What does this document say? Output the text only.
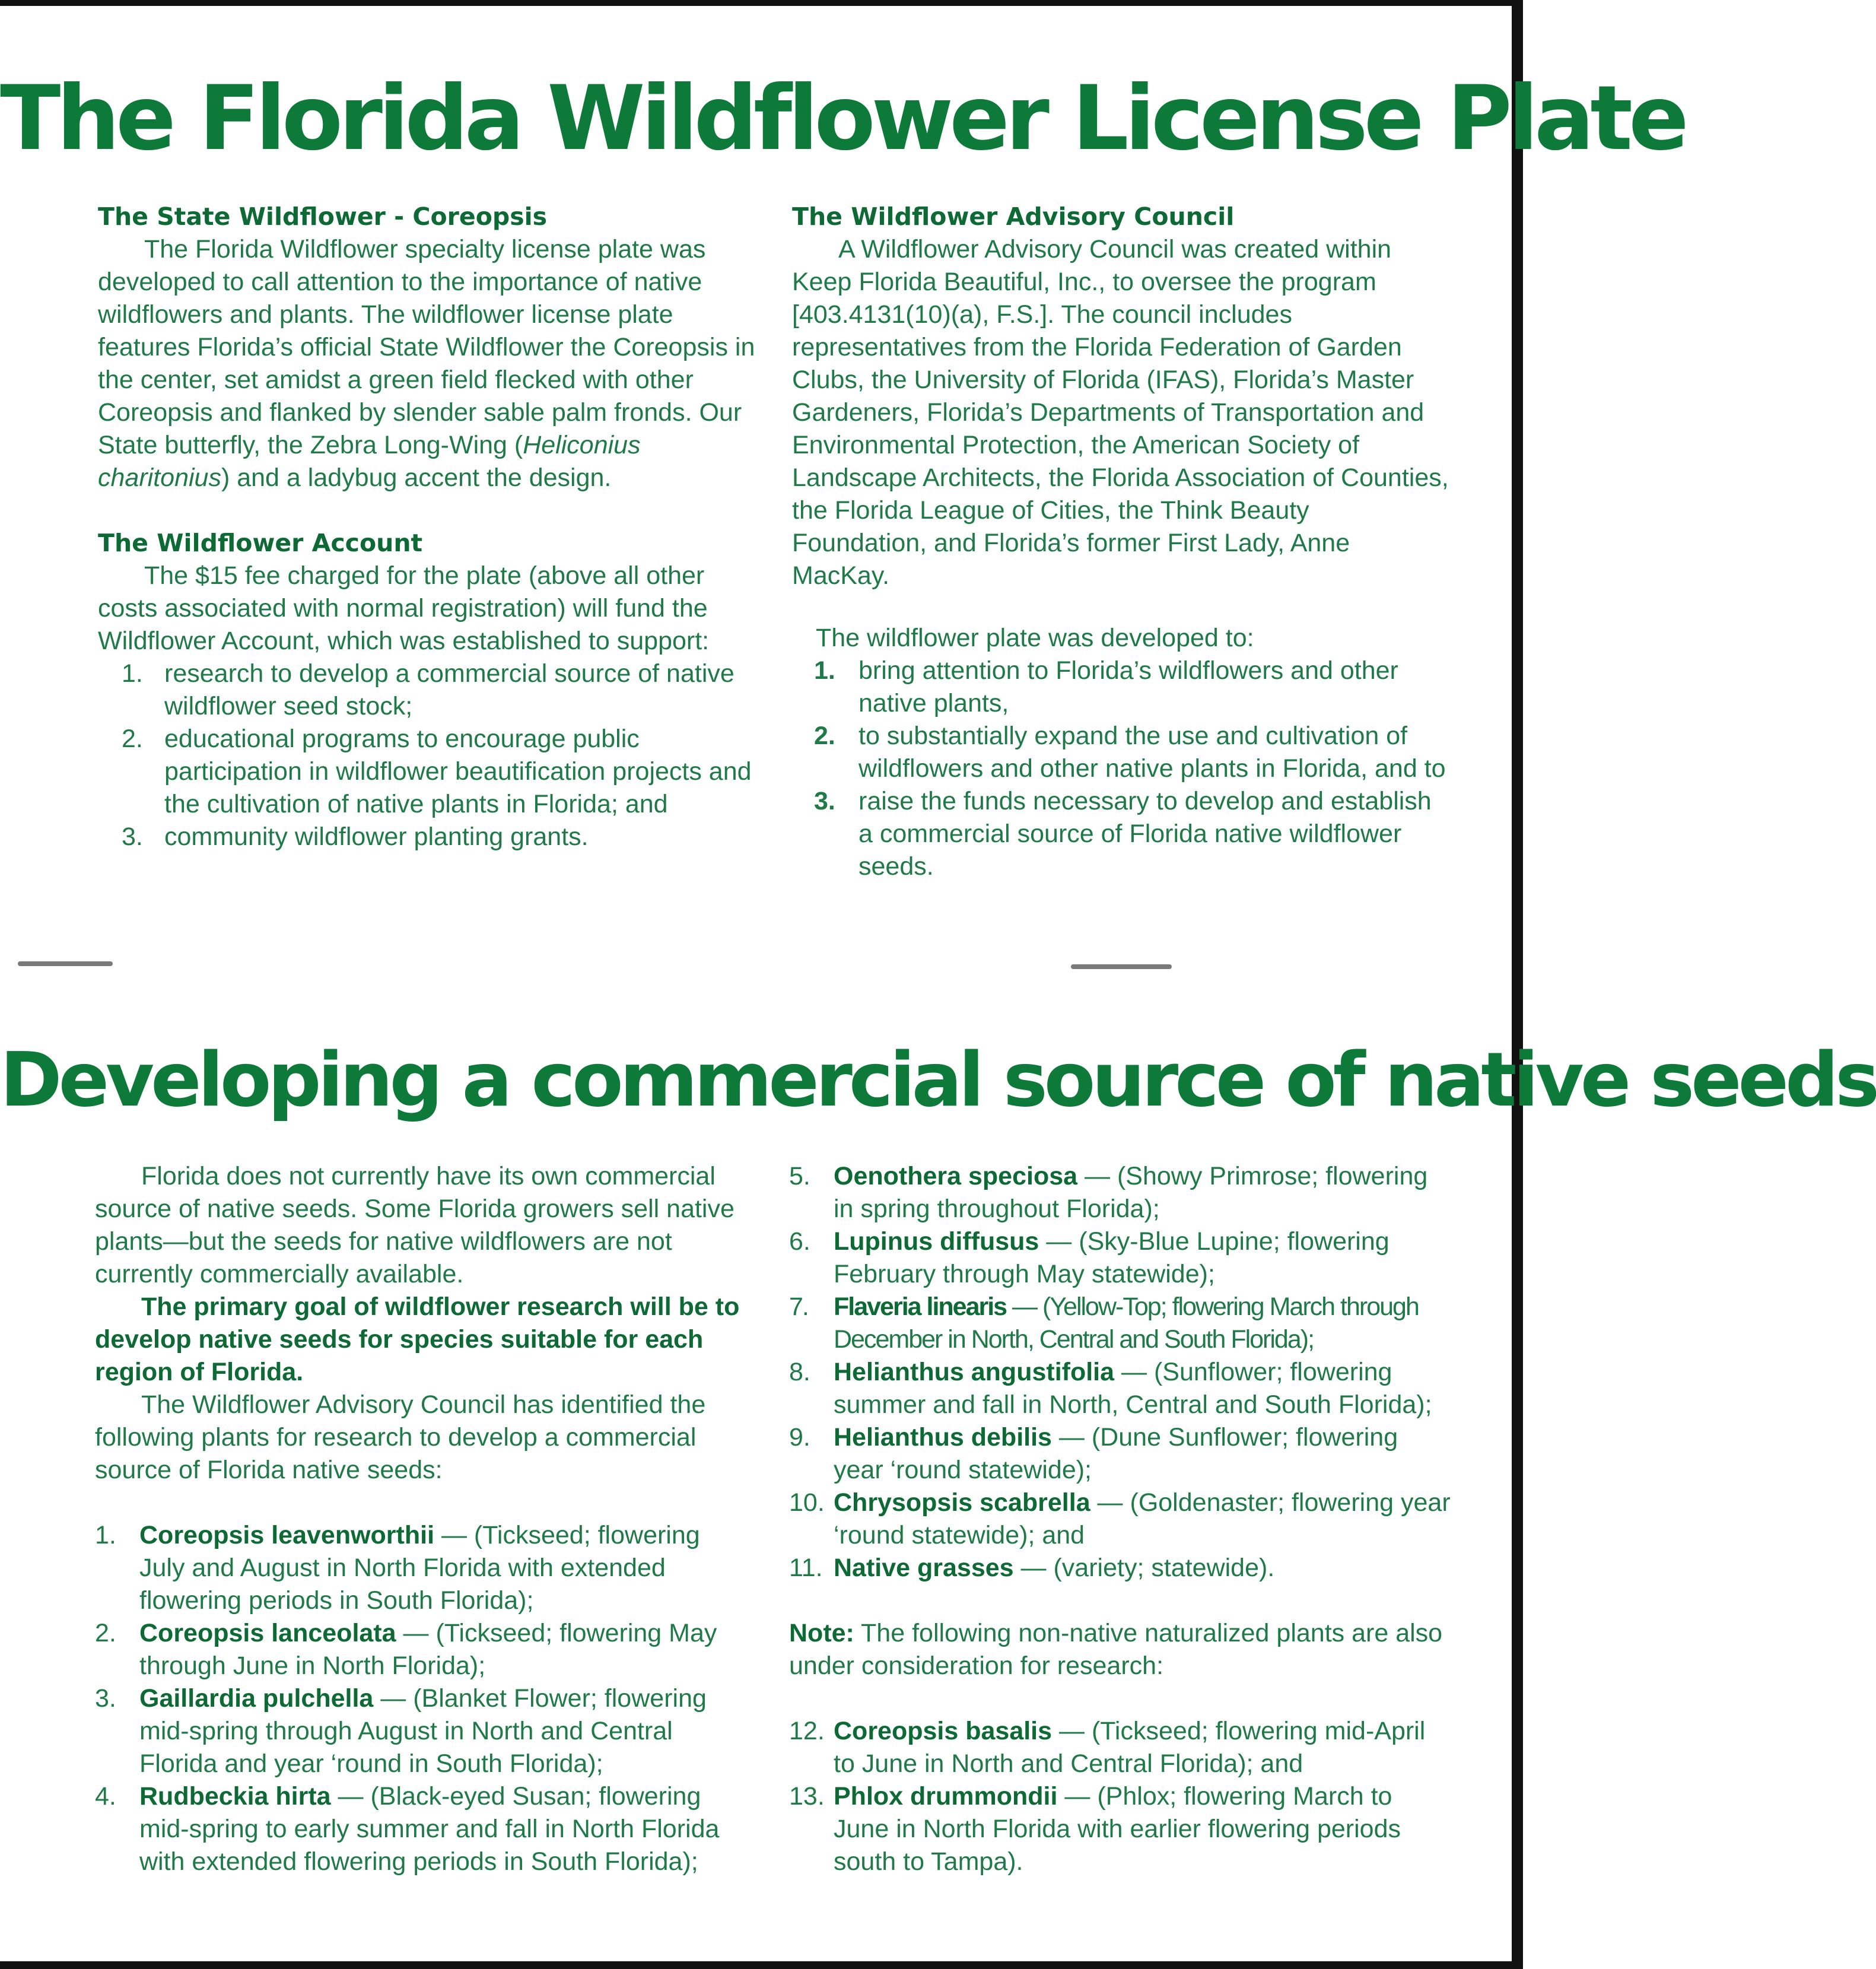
The Florida Wildflower License Plate
The State Wildflower - Coreopsis

The Florida Wildflower specialty license plate was developed to call attention to the importance of native wildflowers and plants. The wildflower license plate features Florida’s official State Wildflower the Coreopsis in the center, set amidst a green field flecked with other Coreopsis and flanked by slender sable palm fronds. Our State butterfly, the Zebra Long-Wing (Heliconius charitonius) and a ladybug accent the design.

The Wildflower Account

The $15 fee charged for the plate (above all other costs associated with normal registration) will fund the Wildflower Account, which was established to support:

1. research to develop a commercial source of native wildflower seed stock;
2. educational programs to encourage public participation in wildflower beautification projects and the cultivation of native plants in Florida; and
3. community wildflower planting grants.
The Wildflower Advisory Council

A Wildflower Advisory Council was created within Keep Florida Beautiful, Inc., to oversee the program [403.4131(10)(a), F.S.]. The council includes representatives from the Florida Federation of Garden Clubs, the University of Florida (IFAS), Florida’s Master Gardeners, Florida’s Departments of Transportation and Environmental Protection, the American Society of Landscape Architects, the Florida Association of Counties, the Florida League of Cities, the Think Beauty Foundation, and Florida’s former First Lady, Anne MacKay.

The wildflower plate was developed to:

1. bring attention to Florida’s wildflowers and other native plants,
2. to substantially expand the use and cultivation of wildflowers and other native plants in Florida, and to
3. raise the funds necessary to develop and establish a commercial source of Florida native wildflower seeds.
Developing a commercial source of native seeds

Florida does not currently have its own commercial source of native seeds. Some Florida growers sell native plants—but the seeds for native wildflowers are not currently commercially available.

The primary goal of wildflower research will be to develop native seeds for species suitable for each region of Florida.

The Wildflower Advisory Council has identified the following plants for research to develop a commercial source of Florida native seeds:

1. Coreopsis leavenworthii — (Tickseed; flowering July and August in North Florida with extended flowering periods in South Florida);
2. Coreopsis lanceolata — (Tickseed; flowering May through June in North Florida);
3. Gaillardia pulchella — (Blanket Flower; flowering mid-spring through August in North and Central Florida and year ‘round in South Florida);
4. Rudbeckia hirta — (Black-eyed Susan; flowering mid-spring to early summer and fall in North Florida with extended flowering periods in South Florida);
5. Oenothera speciosa — (Showy Primrose; flowering in spring throughout Florida);
6. Lupinus diffusus — (Sky-Blue Lupine; flowering February through May statewide);
7. Flaveria linearis — (Yellow-Top; flowering March through December in North, Central and South Florida);
8. Helianthus angustifolia — (Sunflower; flowering summer and fall in North, Central and South Florida);
9. Helianthus debilis — (Dune Sunflower; flowering year ‘round statewide);
10. Chrysopsis scabrella — (Goldenaster; flowering year ‘round statewide); and
11. Native grasses — (variety; statewide).

Note: The following non-native naturalized plants are also under consideration for research:

12. Coreopsis basalis — (Tickseed; flowering mid-April to June in North and Central Florida); and
13. Phlox drummondii — (Phlox; flowering March to June in North Florida with earlier flowering periods south to Tampa).
